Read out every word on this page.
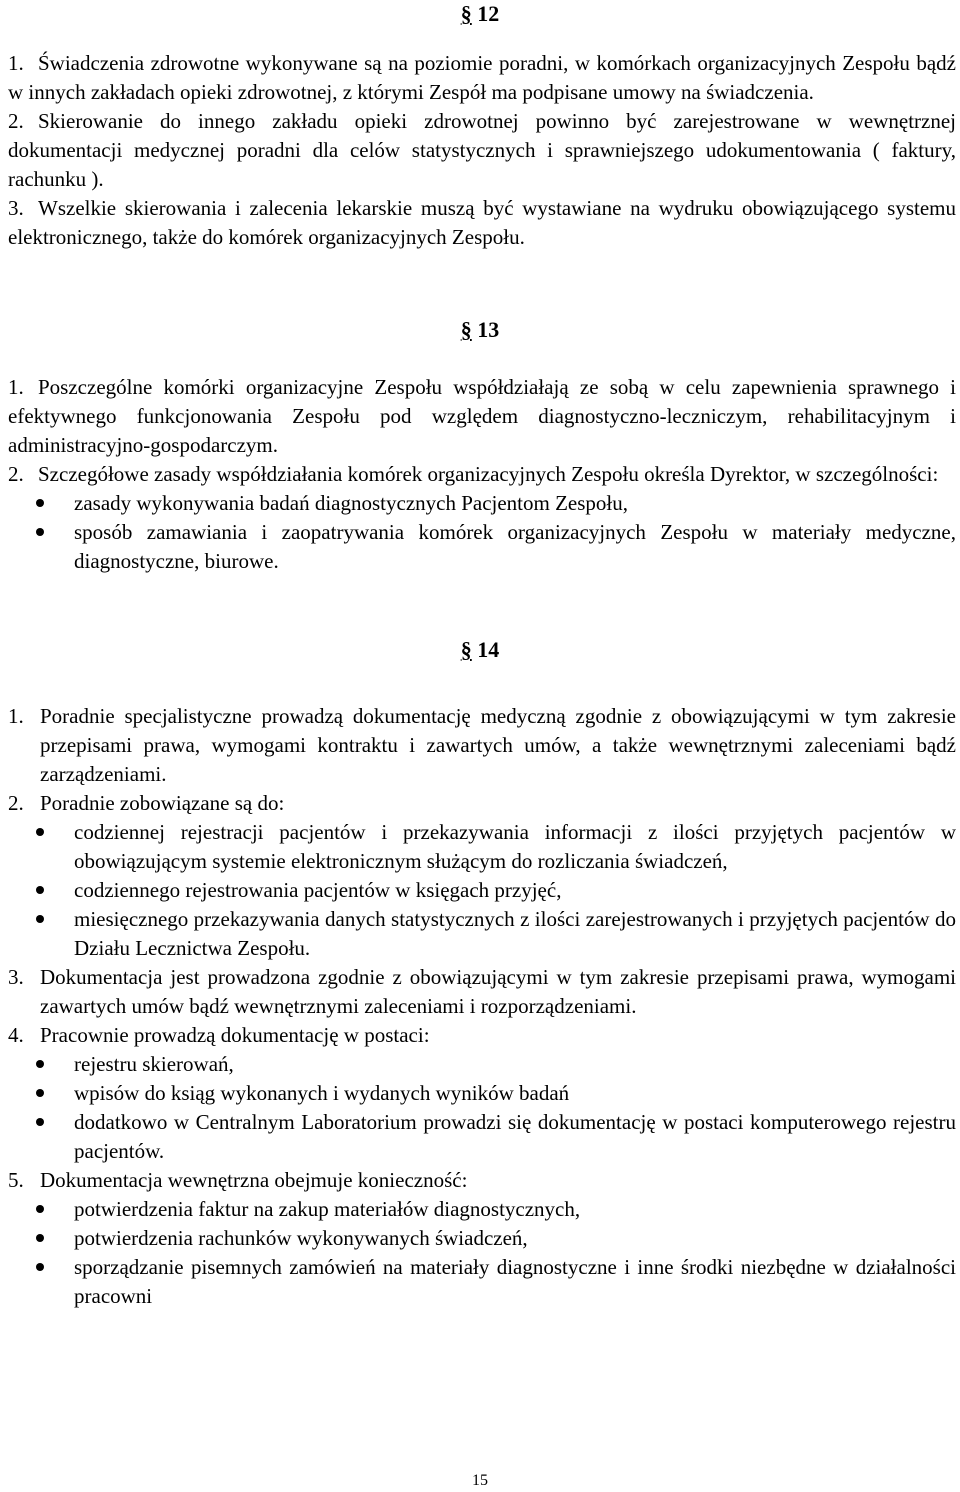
§ 12
1. Świadczenia zdrowotne wykonywane są na poziomie poradni, w komórkach organizacyjnych Zespołu bądź w innych zakładach opieki zdrowotnej, z którymi Zespół ma podpisane umowy na świadczenia.
2. Skierowanie do innego zakładu opieki zdrowotnej powinno być zarejestrowane w wewnętrznej dokumentacji medycznej poradni dla celów statystycznych i sprawniejszego udokumentowania ( faktury, rachunku ).
3. Wszelkie skierowania i zalecenia lekarskie muszą być wystawiane na wydruku obowiązującego systemu elektronicznego, także do komórek organizacyjnych Zespołu.
§ 13
1. Poszczególne komórki organizacyjne Zespołu współdziałają ze sobą w celu zapewnienia sprawnego i efektywnego funkcjonowania Zespołu pod względem diagnostyczno-leczniczym, rehabilitacyjnym i administracyjno-gospodarczym.
2. Szczegółowe zasady współdziałania komórek organizacyjnych Zespołu określa Dyrektor, w szczególności:
zasady wykonywania badań diagnostycznych Pacjentom Zespołu,
sposób zamawiania i zaopatrywania komórek organizacyjnych Zespołu w materiały medyczne, diagnostyczne, biurowe.
§ 14
1. Poradnie specjalistyczne prowadzą dokumentację medyczną zgodnie z obowiązującymi w tym zakresie przepisami prawa, wymogami kontraktu i zawartych umów, a także wewnętrznymi zaleceniami bądź zarządzeniami.
2. Poradnie zobowiązane są do:
codziennej rejestracji pacjentów i przekazywania informacji z ilości przyjętych pacjentów w obowiązującym systemie elektronicznym służącym do rozliczania świadczeń,
codziennego rejestrowania pacjentów w księgach przyjęć,
miesięcznego przekazywania danych statystycznych z ilości zarejestrowanych i przyjętych pacjentów do Działu Lecznictwa Zespołu.
3. Dokumentacja jest prowadzona zgodnie z obowiązującymi w tym zakresie przepisami prawa, wymogami zawartych umów bądź wewnętrznymi zaleceniami i rozporządzeniami.
4. Pracownie prowadzą dokumentację w postaci:
rejestru skierowań,
wpisów do ksiąg wykonanych i wydanych wyników badań
dodatkowo w Centralnym Laboratorium prowadzi się dokumentację w postaci komputerowego rejestru pacjentów.
5. Dokumentacja wewnętrzna obejmuje konieczność:
potwierdzenia faktur na zakup materiałów diagnostycznych,
potwierdzenia rachunków wykonywanych świadczeń,
sporządzanie pisemnych zamówień na materiały diagnostyczne i inne środki niezbędne w działalności pracowni
15
